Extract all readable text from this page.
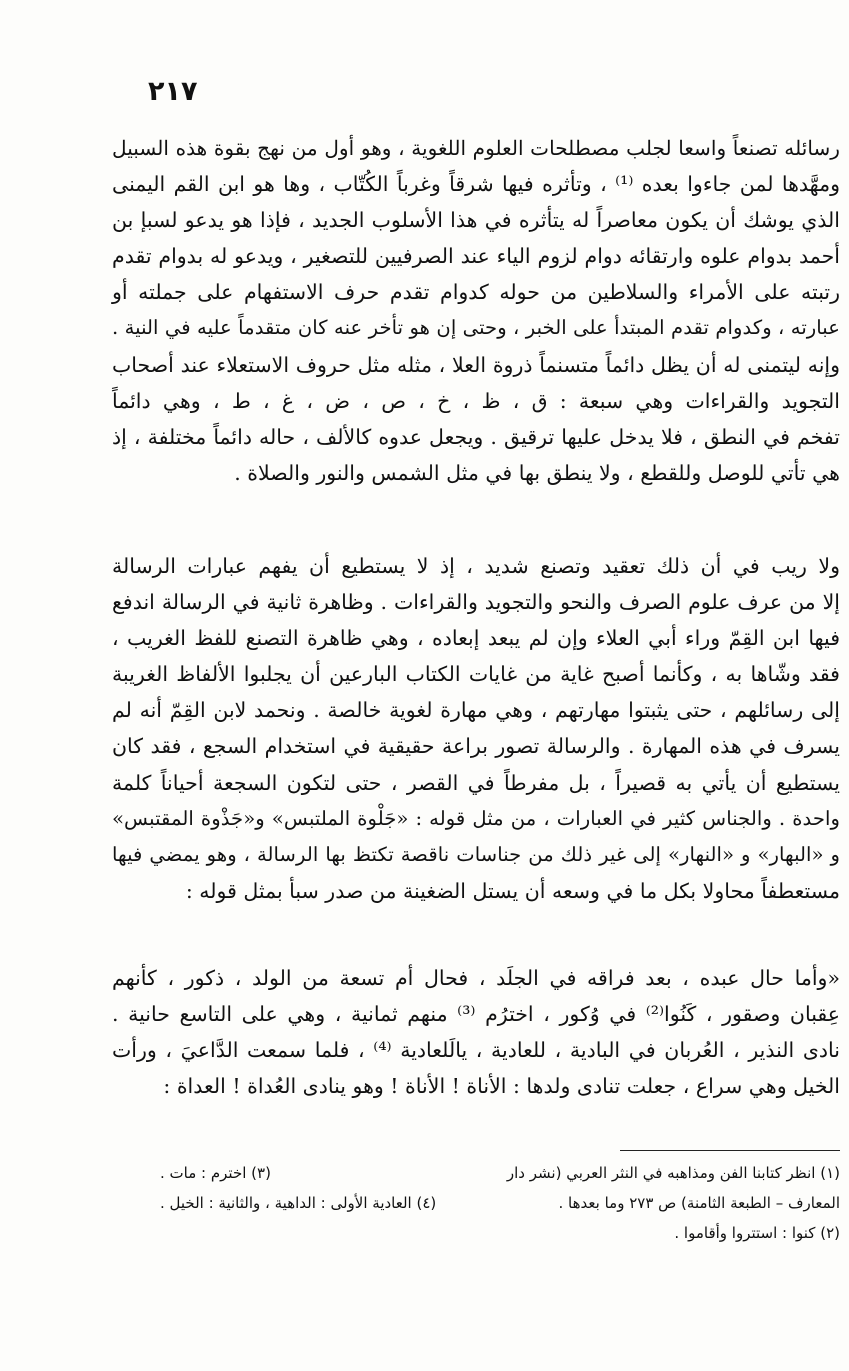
٢١٧
رسائله تصنعاً واسعا لجلب مصطلحات العلوم اللغوية ، وهو أول من نهج بقوة هذه السبيل
ومهَّدها لمن جاءوا بعده ⁽¹⁾ ، وتأثره فيها شرقاً وغرباً الكُتّاب ، وها هو ابن القم اليمنى
الذي يوشك أن يكون معاصراً له يتأثره في هذا الأسلوب الجديد ، فإذا هو يدعو لسبإ بن
أحمد بدوام علوه وارتقائه دوام لزوم الياء عند الصرفيين للتصغير ، ويدعو له بدوام تقدم
رتبته على الأمراء والسلاطين من حوله كدوام تقدم حرف الاستفهام على جملته أو
عبارته ، وكدوام تقدم المبتدأ على الخبر ، وحتى إن هو تأخر عنه كان متقدماً عليه في النية .
وإنه ليتمنى له أن يظل دائماً متسنماً ذروة العلا ، مثله مثل حروف الاستعلاء عند أصحاب
التجويد والقراءات وهي سبعة : ق ، ظ ، خ ، ص ، ض ، غ ، ط ، وهي دائماً
تفخم في النطق ، فلا يدخل عليها ترقيق . ويجعل عدوه كالألف ، حاله دائماً مختلفة ، إذ
هي تأتي للوصل وللقطع ، ولا ينطق بها في مثل الشمس والنور والصلاة .
ولا ريب في أن ذلك تعقيد وتصنع شديد ، إذ لا يستطيع أن يفهم عبارات الرسالة
إلا من عرف علوم الصرف والنحو والتجويد والقراءات . وظاهرة ثانية في الرسالة اندفع
فيها ابن القِمّ وراء أبي العلاء وإن لم يبعد إبعاده ، وهي ظاهرة التصنع للفظ الغريب ،
فقد وشّاها به ، وكأنما أصبح غاية من غايات الكتاب البارعين أن يجلبوا الألفاظ الغريبة
إلى رسائلهم ، حتى يثبتوا مهارتهم ، وهي مهارة لغوية خالصة . ونحمد لابن القِمّ أنه لم
يسرف في هذه المهارة . والرسالة تصور براعة حقيقية في استخدام السجع ، فقد كان
يستطيع أن يأتي به قصيراً ، بل مفرطاً في القصر ، حتى لتكون السجعة أحياناً كلمة
واحدة . والجناس كثير في العبارات ، من مثل قوله : «جَلْوة الملتبس» و«جَذْوة المقتبس»
و «البهار» و «النهار» إلى غير ذلك من جناسات ناقصة تكتظ بها الرسالة ، وهو يمضي فيها
مستعطفاً محاولا بكل ما في وسعه أن يستل الضغينة من صدر سبأ بمثل قوله :
«وأما حال عبده ، بعد فراقه في الجلَد ، فحال أم تسعة من الولد ، ذكور ، كأنهم
عِقبان وصقور ، كَنُوا⁽²⁾ في وُكور ، اخترُم ⁽³⁾ منهم ثمانية ، وهي على التاسع حانية .
نادى النذير ، العُربان في البادية ، للعادية ، يالَلعادية ⁽⁴⁾ ، فلما سمعت الدَّاعيَ ، ورأت
الخيل وهي سراع ، جعلت تنادى ولدها : الأناة ! الأناة ! وهو ينادى العُداة ! العداة :
(١) انظر كتابنا الفن ومذاهبه في النثر العربي (نشر دار
(٣) اخترم : مات .
المعارف – الطبعة الثامنة) ص ٢٧٣ وما بعدها .
(٤) العادية الأولى : الداهية ، والثانية : الخيل .
(٢) كنوا : استتروا وأقاموا .
